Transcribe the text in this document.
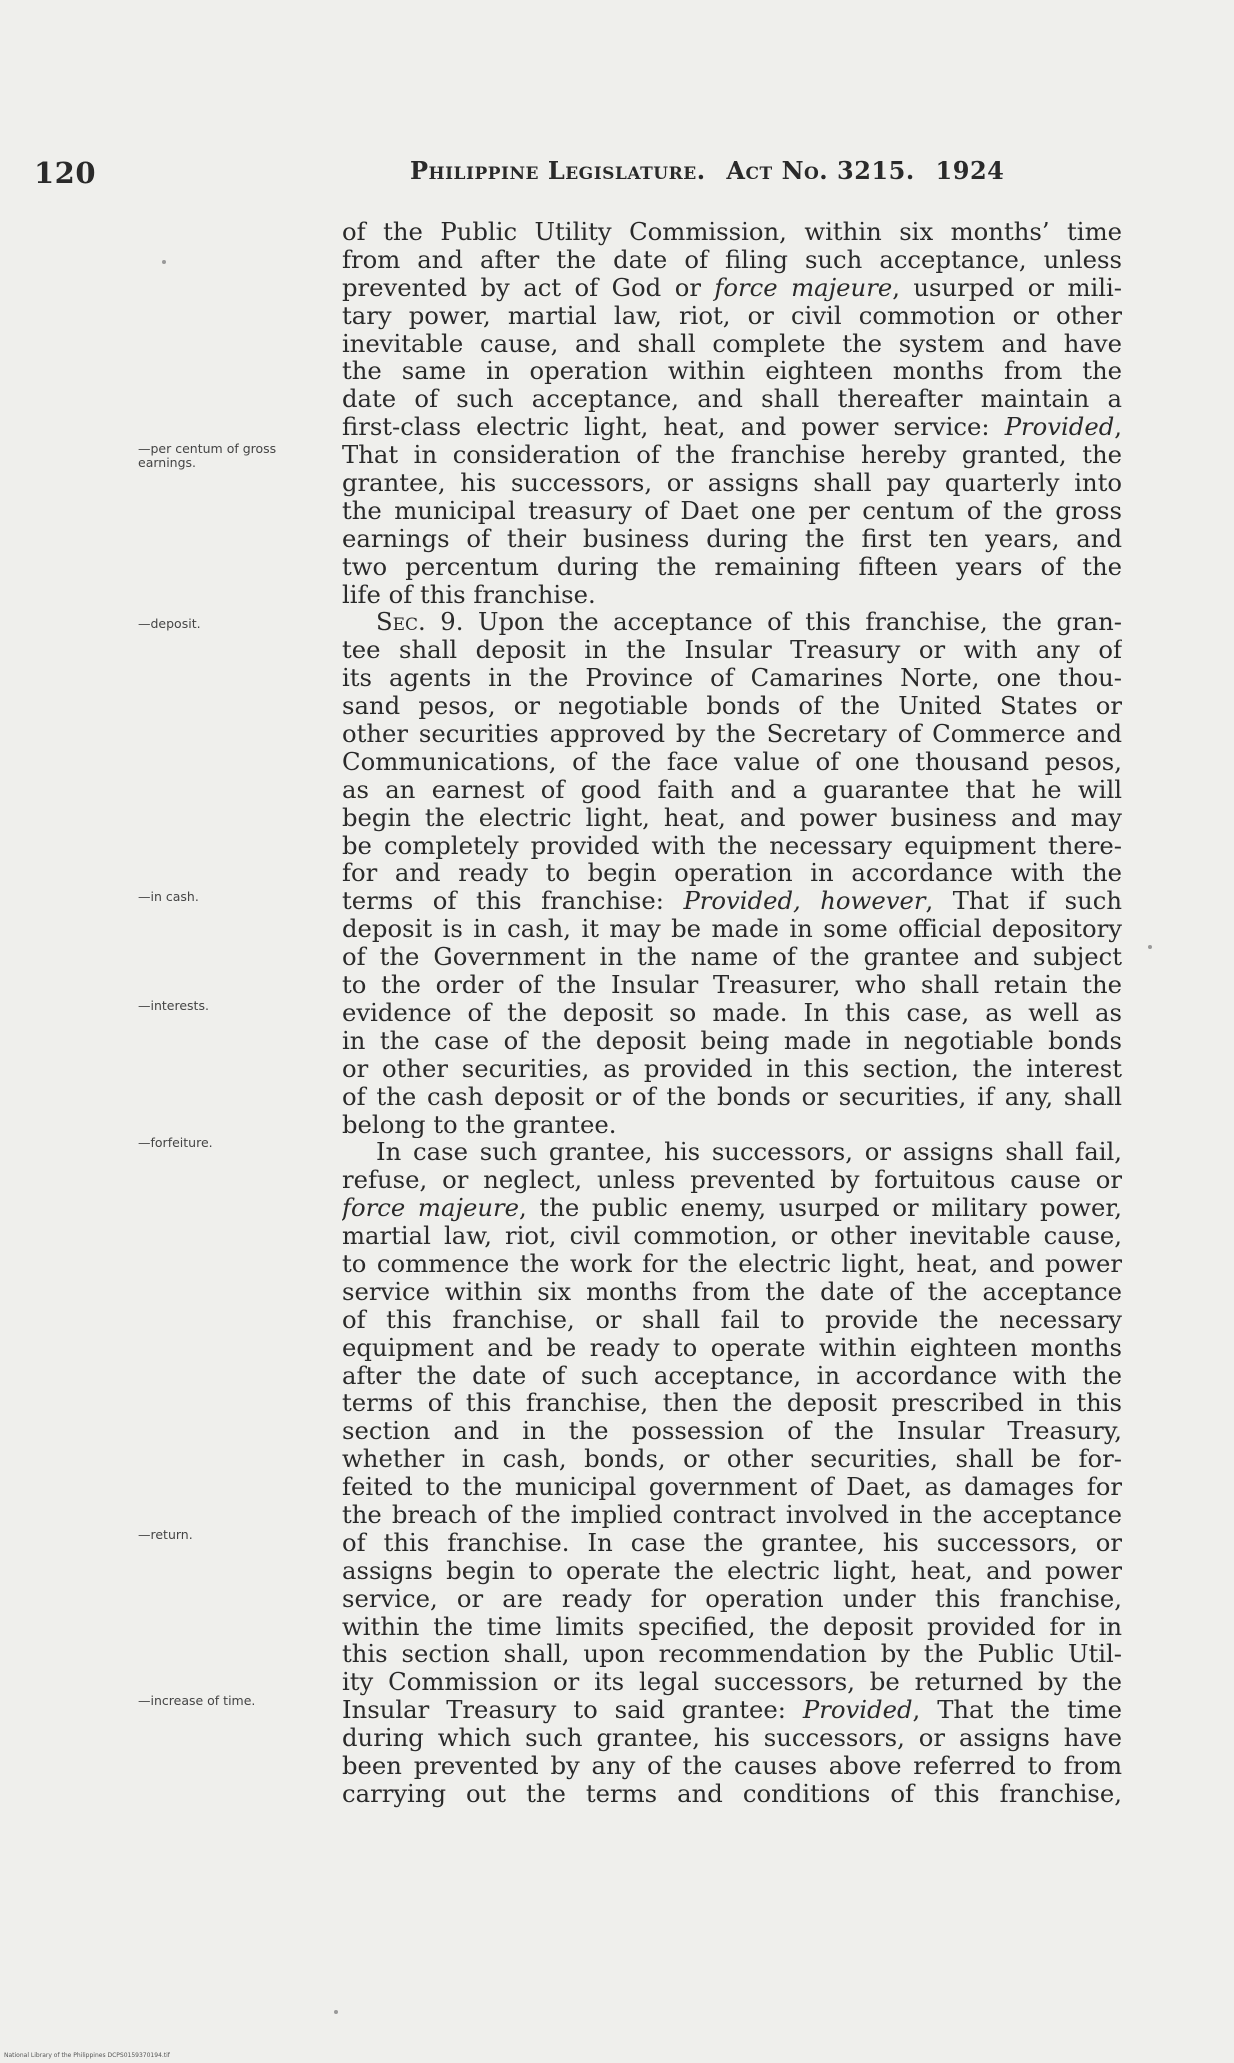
120	Philippine Legislature. Act No. 3215. 1924
—per centum of gross earnings.
—deposit.
—in cash.
—interests.
—forfeiture.
—return.
—increase of time.
of the Public Utility Commission, within six months’ time
from and after the date of filing such acceptance, unless
prevented by act of God or force majeure, usurped or mili-
tary power, martial law, riot, or civil commotion or other
inevitable cause, and shall complete the system and have
the same in operation within eighteen months from the
date of such acceptance, and shall thereafter maintain a
first-class electric light, heat, and power service: Provided,
That in consideration of the franchise hereby granted, the
grantee, his successors, or assigns shall pay quarterly into
the municipal treasury of Daet one per centum of the gross
earnings of their business during the first ten years, and
two percentum during the remaining fifteen years of the
life of this franchise.
Sec. 9. Upon the acceptance of this franchise, the gran-
tee shall deposit in the Insular Treasury or with any of
its agents in the Province of Camarines Norte, one thou-
sand pesos, or negotiable bonds of the United States or
other securities approved by the Secretary of Commerce and
Communications, of the face value of one thousand pesos,
as an earnest of good faith and a guarantee that he will
begin the electric light, heat, and power business and may
be completely provided with the necessary equipment there-
for and ready to begin operation in accordance with the
terms of this franchise: Provided, however, That if such
deposit is in cash, it may be made in some official depository
of the Government in the name of the grantee and subject
to the order of the Insular Treasurer, who shall retain the
evidence of the deposit so made. In this case, as well as
in the case of the deposit being made in negotiable bonds
or other securities, as provided in this section, the interest
of the cash deposit or of the bonds or securities, if any, shall
belong to the grantee.
In case such grantee, his successors, or assigns shall fail,
refuse, or neglect, unless prevented by fortuitous cause or
force majeure, the public enemy, usurped or military power,
martial law, riot, civil commotion, or other inevitable cause,
to commence the work for the electric light, heat, and power
service within six months from the date of the acceptance
of this franchise, or shall fail to provide the necessary
equipment and be ready to operate within eighteen months
after the date of such acceptance, in accordance with the
terms of this franchise, then the deposit prescribed in this
section and in the possession of the Insular Treasury,
whether in cash, bonds, or other securities, shall be for-
feited to the municipal government of Daet, as damages for
the breach of the implied contract involved in the acceptance
of this franchise. In case the grantee, his successors, or
assigns begin to operate the electric light, heat, and power
service, or are ready for operation under this franchise,
within the time limits specified, the deposit provided for in
this section shall, upon recommendation by the Public Util-
ity Commission or its legal successors, be returned by the
Insular Treasury to said grantee: Provided, That the time
during which such grantee, his successors, or assigns have
been prevented by any of the causes above referred to from
carrying out the terms and conditions of this franchise,
National Library of the Philippines DCPS0159370194.tif
